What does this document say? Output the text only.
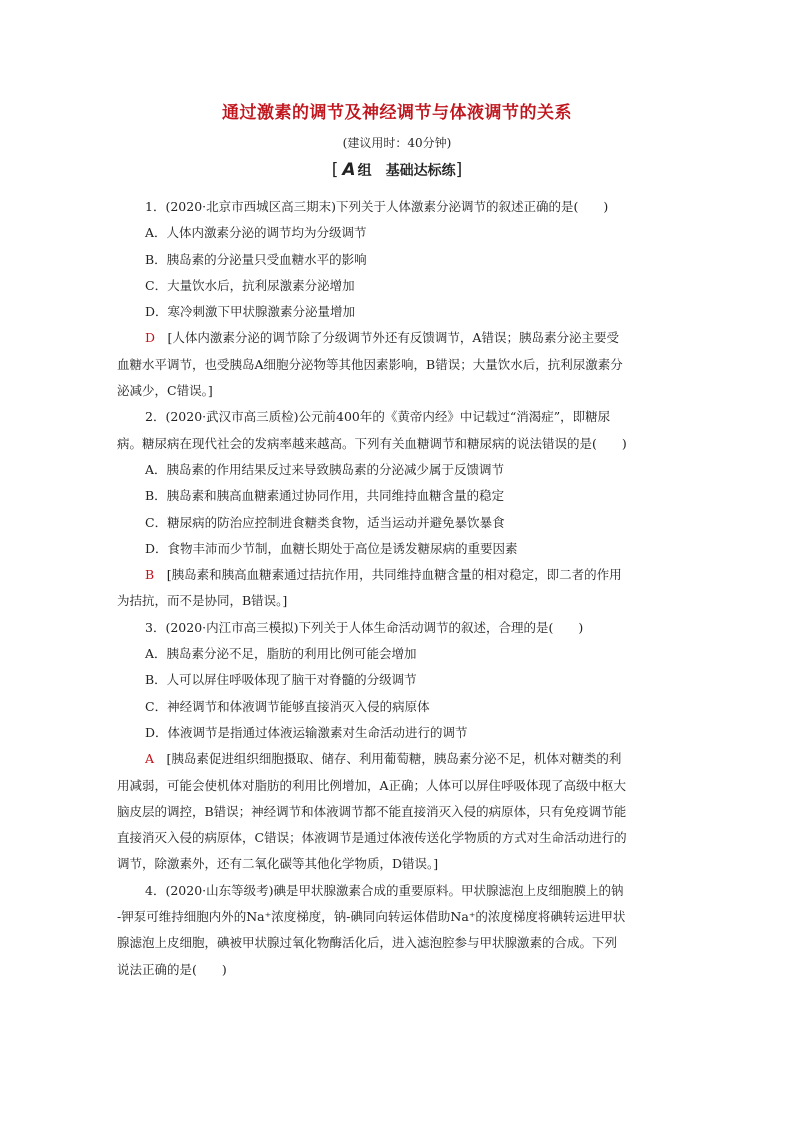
通过激素的调节及神经调节与体液调节的关系
(建议用时：40分钟)
[ A 组　基础达标练]
1．(2020·北京市西城区高三期末)下列关于人体激素分泌调节的叙述正确的是(　　)
A．人体内激素分泌的调节均为分级调节
B．胰岛素的分泌量只受血糖水平的影响
C．大量饮水后，抗利尿激素分泌增加
D．寒冷刺激下甲状腺激素分泌量增加
D　 [人体内激素分泌的调节除了分级调节外还有反馈调节，A错误；胰岛素分泌主要受
血糖水平调节，也受胰岛A细胞分泌物等其他因素影响，B错误；大量饮水后，抗利尿激素分
泌减少，C错误。]
2．(2020·武汉市高三质检)公元前400年的《黄帝内经》中记载过“消渴症”，即糖尿
病。糖尿病在现代社会的发病率越来越高。下列有关血糖调节和糖尿病的说法错误的是(　　)
A．胰岛素的作用结果反过来导致胰岛素的分泌减少属于反馈调节
B．胰岛素和胰高血糖素通过协同作用，共同维持血糖含量的稳定
C．糖尿病的防治应控制进食糖类食物，适当运动并避免暴饮暴食
D．食物丰沛而少节制，血糖长期处于高位是诱发糖尿病的重要因素
B　 [胰岛素和胰高血糖素通过拮抗作用，共同维持血糖含量的相对稳定，即二者的作用
为拮抗，而不是协同，B错误。]
3．(2020·内江市高三模拟)下列关于人体生命活动调节的叙述，合理的是(　　)
A．胰岛素分泌不足，脂肪的利用比例可能会增加
B．人可以屏住呼吸体现了脑干对脊髓的分级调节
C．神经调节和体液调节能够直接消灭入侵的病原体
D．体液调节是指通过体液运输激素对生命活动进行的调节
A　 [胰岛素促进组织细胞摄取、储存、利用葡萄糖，胰岛素分泌不足，机体对糖类的利
用减弱，可能会使机体对脂肪的利用比例增加，A正确；人体可以屏住呼吸体现了高级中枢大
脑皮层的调控，B错误；神经调节和体液调节都不能直接消灭入侵的病原体，只有免疫调节能
直接消灭入侵的病原体，C错误；体液调节是通过体液传送化学物质的方式对生命活动进行的
调节，除激素外，还有二氧化碳等其他化学物质，D错误。]
4．(2020·山东等级考)碘是甲状腺激素合成的重要原料。甲状腺滤泡上皮细胞膜上的钠
-钾泵可维持细胞内外的Na⁺浓度梯度，钠-碘同向转运体借助Na⁺的浓度梯度将碘转运进甲状
腺滤泡上皮细胞，碘被甲状腺过氧化物酶活化后，进入滤泡腔参与甲状腺激素的合成。下列
说法正确的是(　　)
